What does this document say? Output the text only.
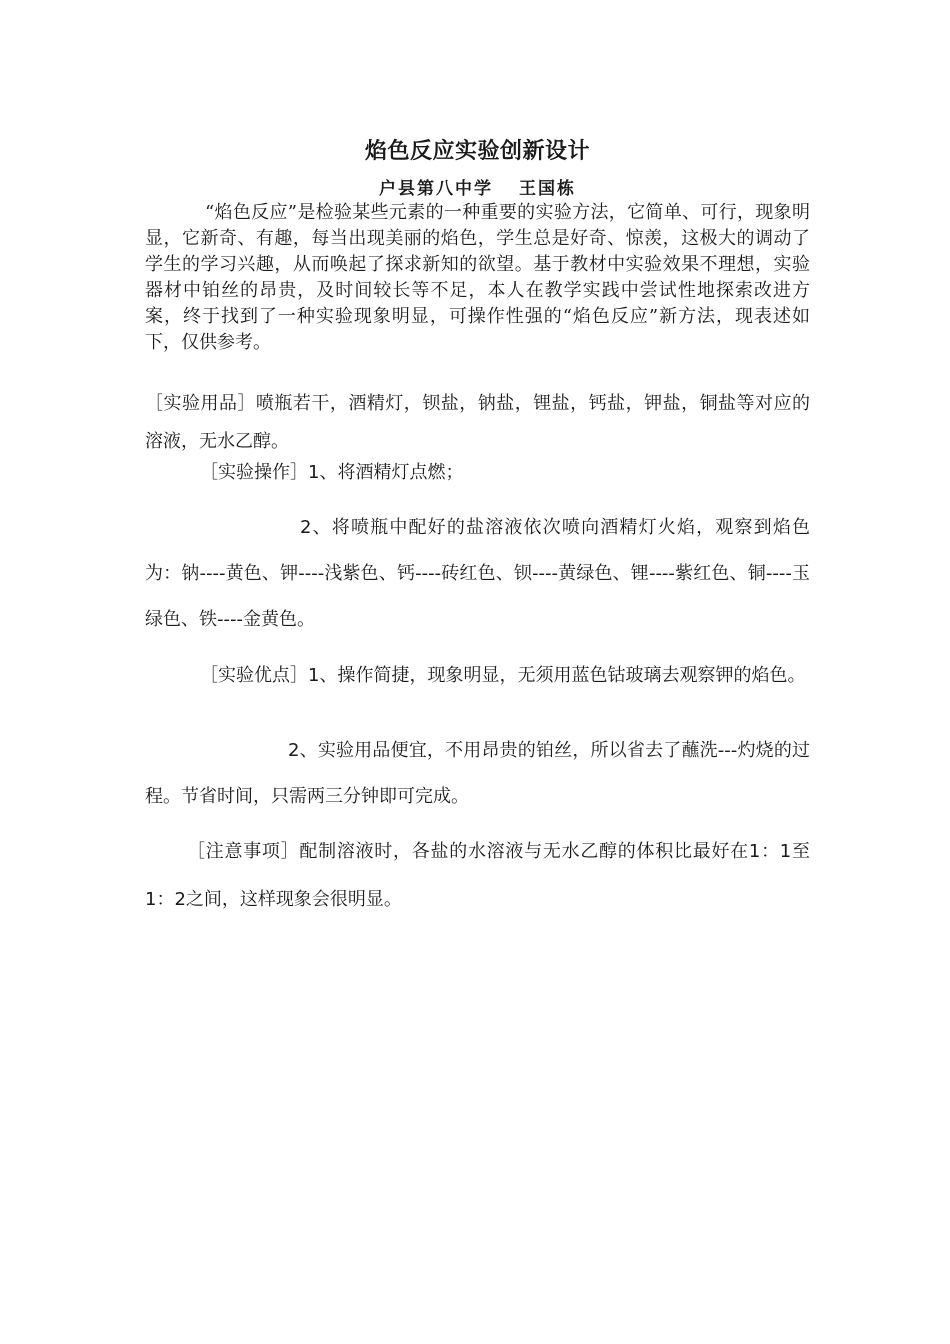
焰色反应实验创新设计
户县第八中学 王国栋

“焰色反应”是检验某些元素的一种重要的实验方法，它简单、可行，现象明显，它新奇、有趣，每当出现美丽的焰色，学生总是好奇、惊羡，这极大的调动了学生的学习兴趣，从而唤起了探求新知的欲望。基于教材中实验效果不理想，实验器材中铂丝的昂贵，及时间较长等不足，本人在教学实践中尝试性地探索改进方案，终于找到了一种实验现象明显，可操作性强的“焰色反应”新方法，现表述如下，仅供参考。

［实验用品］喷瓶若干，酒精灯，钡盐，钠盐，锂盐，钙盐，钾盐，铜盐等对应的溶液，无水乙醇。

［实验操作］1、将酒精灯点燃；

2、将喷瓶中配好的盐溶液依次喷向酒精灯火焰，观察到焰色为：钠----黄色、钾----浅紫色、钙----砖红色、钡----黄绿色、锂----紫红色、铜----玉绿色、铁----金黄色。

［实验优点］1、操作简捷，现象明显，无须用蓝色钴玻璃去观察钾的焰色。

2、实验用品便宜，不用昂贵的铂丝，所以省去了蘸洗---灼烧的过程。节省时间，只需两三分钟即可完成。

［注意事项］配制溶液时，各盐的水溶液与无水乙醇的体积比最好在1：1至1：2之间，这样现象会很明显。
